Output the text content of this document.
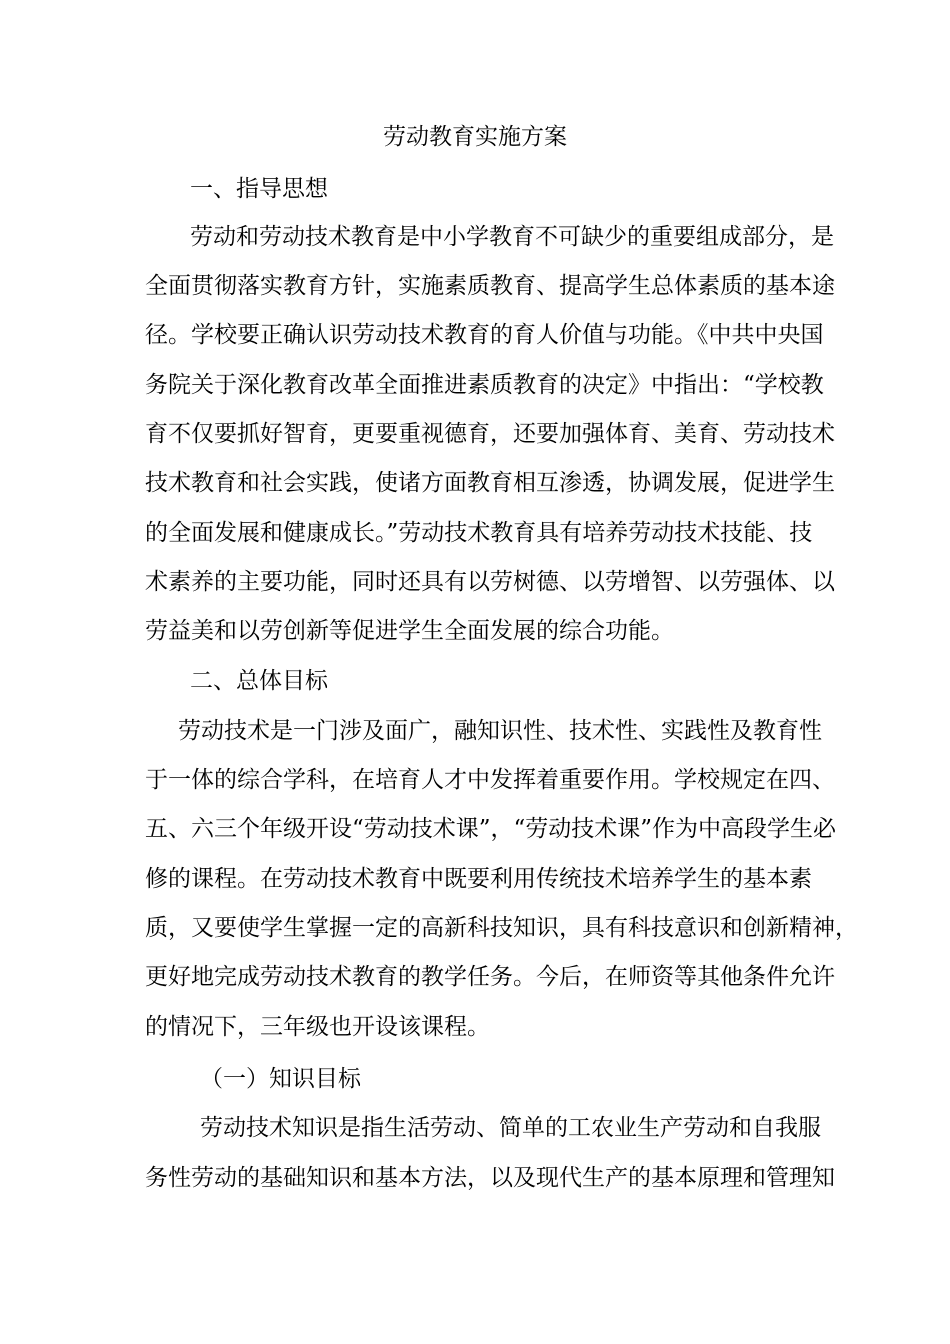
劳动教育实施方案
一、指导思想
劳动和劳动技术教育是中小学教育不可缺少的重要组成部分，是
全面贯彻落实教育方针，实施素质教育、提高学生总体素质的基本途
径。学校要正确认识劳动技术教育的育人价值与功能。《中共中央国
务院关于深化教育改革全面推进素质教育的决定》中指出：“学校教
育不仅要抓好智育，更要重视德育，还要加强体育、美育、劳动技术
技术教育和社会实践，使诸方面教育相互渗透，协调发展，促进学生
的全面发展和健康成长。”劳动技术教育具有培养劳动技术技能、技
术素养的主要功能，同时还具有以劳树德、以劳增智、以劳强体、以
劳益美和以劳创新等促进学生全面发展的综合功能。
二、总体目标
劳动技术是一门涉及面广，融知识性、技术性、实践性及教育性
于一体的综合学科，在培育人才中发挥着重要作用。学校规定在四、
五、六三个年级开设“劳动技术课”，“劳动技术课”作为中高段学生必
修的课程。在劳动技术教育中既要利用传统技术培养学生的基本素
质，又要使学生掌握一定的高新科技知识，具有科技意识和创新精神，
更好地完成劳动技术教育的教学任务。今后，在师资等其他条件允许
的情况下，三年级也开设该课程。
（一）知识目标
劳动技术知识是指生活劳动、简单的工农业生产劳动和自我服
务性劳动的基础知识和基本方法，以及现代生产的基本原理和管理知
